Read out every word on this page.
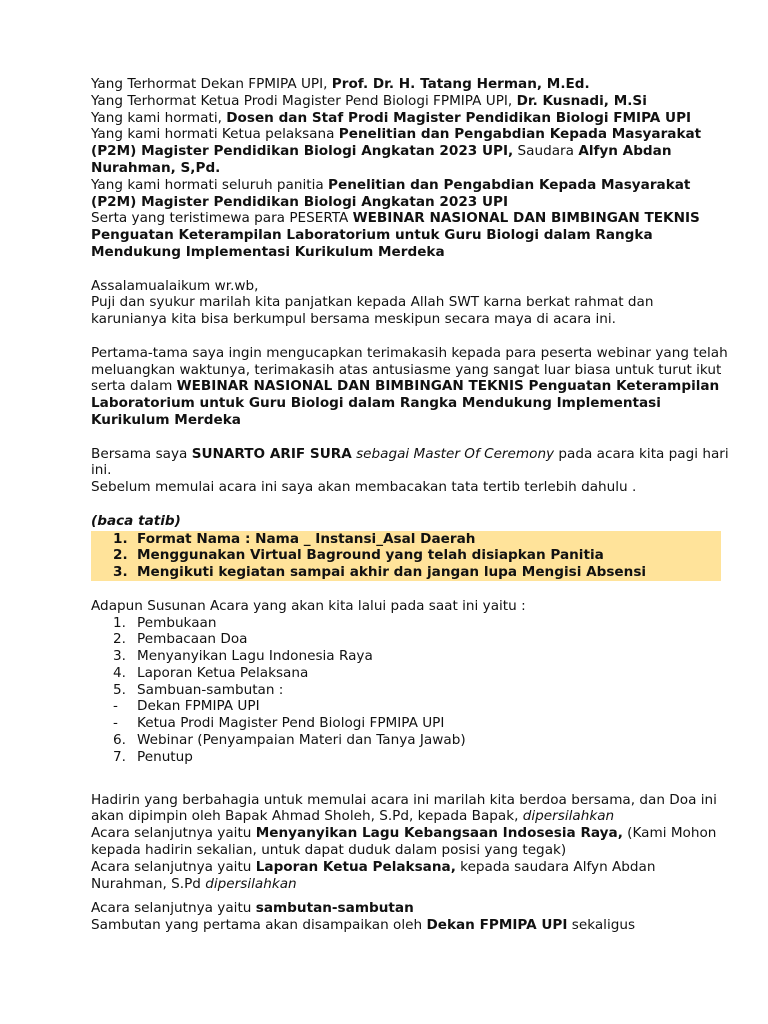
Yang Terhormat Dekan FPMIPA UPI, Prof. Dr. H. Tatang Herman, M.Ed.

Yang Terhormat Ketua Prodi Magister Pend Biologi FPMIPA UPI, Dr. Kusnadi, M.Si

Yang kami hormati, Dosen dan Staf Prodi Magister Pendidikan Biologi FMIPA UPI

Yang kami hormati Ketua pelaksana Penelitian dan Pengabdian Kepada Masyarakat (P2M) Magister Pendidikan Biologi Angkatan 2023 UPI, Saudara Alfyn Abdan Nurahman, S,Pd.

Yang kami hormati seluruh panitia Penelitian dan Pengabdian Kepada Masyarakat (P2M) Magister Pendidikan Biologi Angkatan 2023 UPI

Serta yang teristimewa para PESERTA WEBINAR NASIONAL DAN BIMBINGAN TEKNIS Penguatan Keterampilan Laboratorium untuk Guru Biologi dalam Rangka Mendukung Implementasi Kurikulum Merdeka

Assalamualaikum wr.wb,

Puji dan syukur marilah kita panjatkan kepada Allah SWT karna berkat rahmat dan karunianya kita bisa berkumpul bersama meskipun secara maya di acara ini.

Pertama-tama saya ingin mengucapkan terimakasih kepada para peserta webinar yang telah meluangkan waktunya, terimakasih atas antusiasme yang sangat luar biasa untuk turut ikut serta dalam WEBINAR NASIONAL DAN BIMBINGAN TEKNIS Penguatan Keterampilan Laboratorium untuk Guru Biologi dalam Rangka Mendukung Implementasi Kurikulum Merdeka

Bersama saya SUNARTO ARIF SURA sebagai Master Of Ceremony pada acara kita pagi hari ini.

Sebelum memulai acara ini saya akan membacakan tata tertib terlebih dahulu .

(baca tatib)

1. Format Nama : Nama _ Instansi_Asal Daerah
2. Menggunakan Virtual Baground yang telah disiapkan Panitia
3. Mengikuti kegiatan sampai akhir dan jangan lupa Mengisi Absensi

Adapun Susunan Acara yang akan kita lalui pada saat ini yaitu :

1. Pembukaan
2. Pembacaan Doa
3. Menyanyikan Lagu Indonesia Raya
4. Laporan Ketua Pelaksana
5. Sambuan-sambutan :
- Dekan FPMIPA UPI
- Ketua Prodi Magister Pend Biologi FPMIPA UPI
6. Webinar (Penyampaian Materi dan Tanya Jawab)
7. Penutup

Hadirin yang berbahagia untuk memulai acara ini marilah kita berdoa bersama, dan Doa ini akan dipimpin oleh Bapak Ahmad Sholeh, S.Pd, kepada Bapak, dipersilahkan

Acara selanjutnya yaitu Menyanyikan Lagu Kebangsaan Indosesia Raya, (Kami Mohon kepada hadirin sekalian, untuk dapat duduk dalam posisi yang tegak)

Acara selanjutnya yaitu Laporan Ketua Pelaksana, kepada saudara Alfyn Abdan Nurahman, S.Pd dipersilahkan

Acara selanjutnya yaitu sambutan-sambutan

Sambutan yang pertama akan disampaikan oleh Dekan FPMIPA UPI sekaligus
